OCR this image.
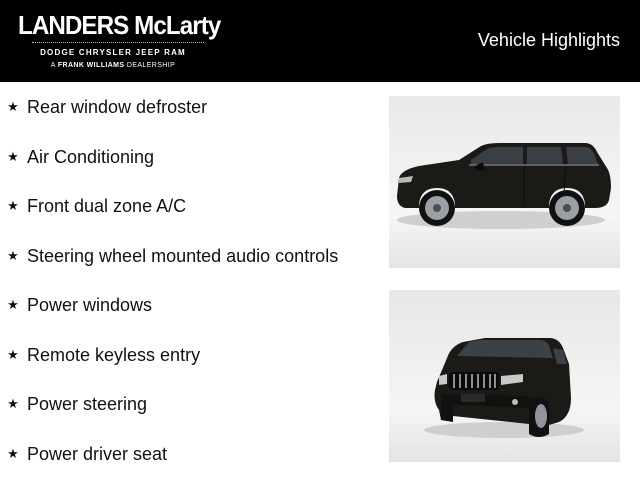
LANDERS McLarty
DODGE CHRYSLER JEEP RAM
A FRANK WILLIAMS DEALERSHIP
Vehicle Highlights
★ Rear window defroster
★ Air Conditioning
★ Front dual zone A/C
★ Steering wheel mounted audio controls
★ Power windows
★ Remote keyless entry
★ Power steering
★ Power driver seat
